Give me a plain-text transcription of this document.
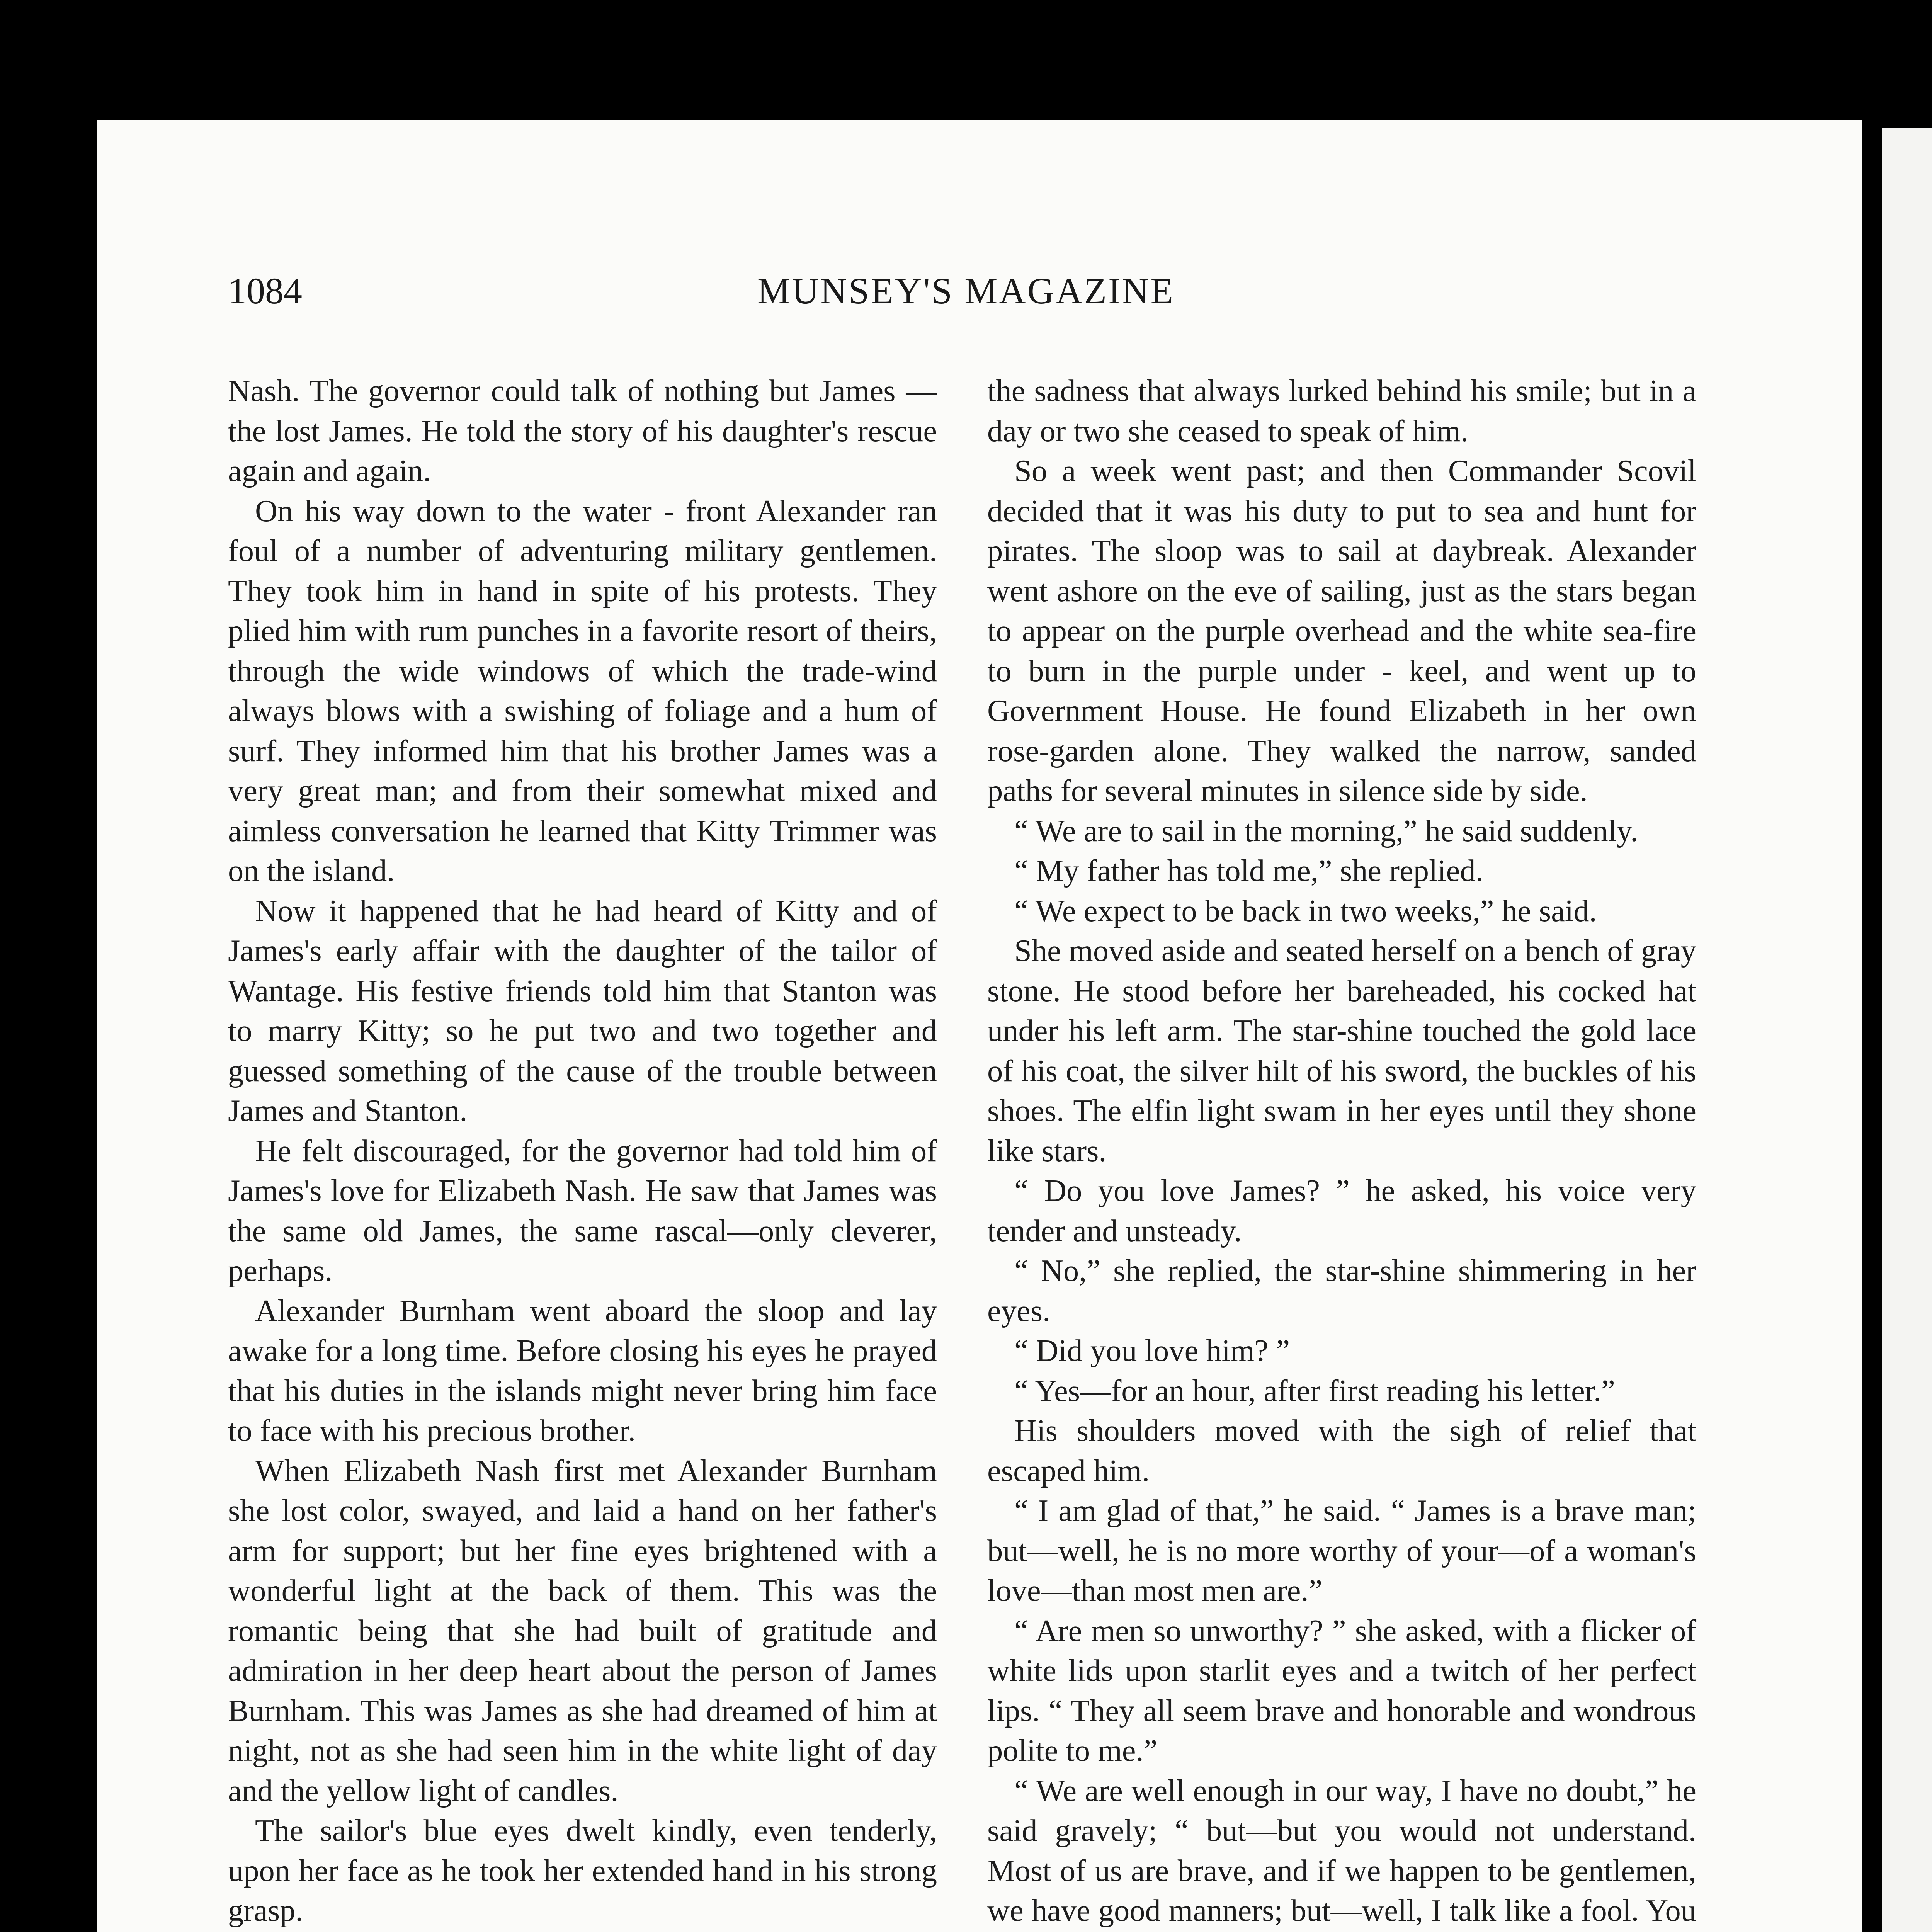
1084	MUNSEY'S MAGAZINE

Nash. The governor could talk of nothing but James — the lost James. He told the story of his daughter's rescue again and again.

On his way down to the water - front Alexander ran foul of a number of adventuring military gentlemen. They took him in hand in spite of his protests. They plied him with rum punches in a favorite resort of theirs, through the wide windows of which the trade-wind always blows with a swishing of foliage and a hum of surf. They informed him that his brother James was a very great man; and from their somewhat mixed and aimless conversation he learned that Kitty Trimmer was on the island.

Now it happened that he had heard of Kitty and of James's early affair with the daughter of the tailor of Wantage. His festive friends told him that Stanton was to marry Kitty; so he put two and two together and guessed something of the cause of the trouble between James and Stanton.

He felt discouraged, for the governor had told him of James's love for Elizabeth Nash. He saw that James was the same old James, the same rascal—only cleverer, perhaps.

Alexander Burnham went aboard the sloop and lay awake for a long time. Before closing his eyes he prayed that his duties in the islands might never bring him face to face with his precious brother.

When Elizabeth Nash first met Alexander Burnham she lost color, swayed, and laid a hand on her father's arm for support; but her fine eyes brightened with a wonderful light at the back of them. This was the romantic being that she had built of gratitude and admiration in her deep heart about the person of James Burnham. This was James as she had dreamed of him at night, not as she had seen him in the white light of day and the yellow light of candles.

The sailor's blue eyes dwelt kindly, even tenderly, upon her face as he took her extended hand in his strong grasp.

the sadness that always lurked behind his smile; but in a day or two she ceased to speak of him.

So a week went past; and then Commander Scovil decided that it was his duty to put to sea and hunt for pirates. The sloop was to sail at daybreak. Alexander went ashore on the eve of sailing, just as the stars began to appear on the purple overhead and the white sea-fire to burn in the purple under - keel, and went up to Government House. He found Elizabeth in her own rose-garden alone. They walked the narrow, sanded paths for several minutes in silence side by side.

“ We are to sail in the morning,” he said suddenly.

“ My father has told me,” she replied.

“ We expect to be back in two weeks,” he said.

She moved aside and seated herself on a bench of gray stone. He stood before her bareheaded, his cocked hat under his left arm. The star-shine touched the gold lace of his coat, the silver hilt of his sword, the buckles of his shoes. The elfin light swam in her eyes until they shone like stars.

“ Do you love James? ” he asked, his voice very tender and unsteady.

“ No,” she replied, the star-shine shimmering in her eyes.

“ Did you love him? ”

“ Yes—for an hour, after first reading his letter.”

His shoulders moved with the sigh of relief that escaped him.

“ I am glad of that,” he said. “ James is a brave man; but—well, he is no more worthy of your—of a woman's love—than most men are.”

“ Are men so unworthy? ” she asked, with a flicker of white lids upon starlit eyes and a twitch of her perfect lips. “ They all seem brave and honorable and wondrous polite to me.”

“ We are well enough in our way, I have no doubt,” he said gravely; “ but—but you would not understand. Most of us are brave, and if we happen to be gentlemen, we have good manners; but—well, I talk like a fool. You
